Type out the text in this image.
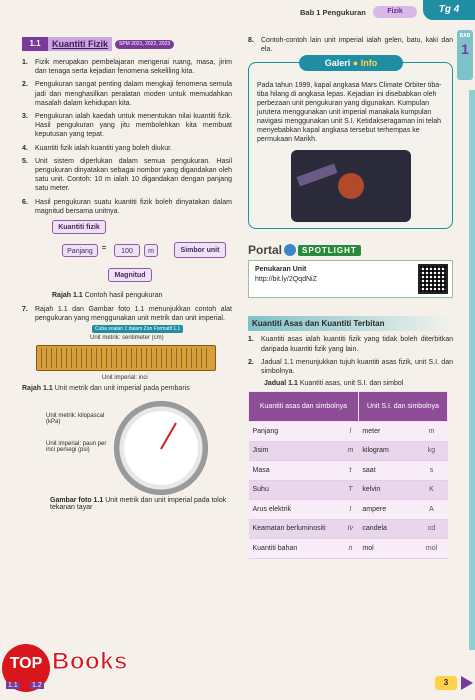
Bab 1 Pengukuran	Fizik	Tg 4
BAB
1
1.1	Kuantiti Fizik	SPM 2021, 2022, 2023
1. Fizik merupakan pembelajaran mengenai ruang, masa, jirim dan tenaga serta kejadian fenomena sekeliling kita.
2. Pengukuran sangat penting dalam mengkaji fenomena semula jadi dan menghasilkan peralatan moden untuk memudahkan masalah dalam kehidupan kita.
3. Pengukuran ialah kaedah untuk menentukan nilai kuantiti fizik. Hasil pengukuran yang jitu membolehkan kita membuat keputusan yang tepat.
4. Kuantiti fizik ialah kuantiti yang boleh diukur.
5. Unit sistem diperlukan dalam semua pengukuran. Hasil pengukuran dinyatakan sebagai nombor yang digandakan oleh satu unit. Contoh: 10 m ialah 10 digandakan dengan panjang satu meter.
6. Hasil pengukuran suatu kuantiti fizik boleh dinyatakan dalam magnitud bersama unitnya.
Kuantiti fizik
Panjang	=	100	m	Simbor unit
Magnitud
Rajah 1.1 Contoh hasil pengukuran
7. Rajah 1.1 dan Gambar foto 1.1 menunjukkan contoh alat pengukuran yang menggunakan unit metrik dan unit imperial.
Cuba soalan 1 dalam Zon Formatif 1.1
Unit metrik: sentimeter (cm)
Unit imperial: inci
Rajah 1.1 Unit metrik dan unit imperial pada pembaris
Unit metrik: kilopascal (kPa)
Unit imperial: paun per inci persegi (psi)
Gambar foto 1.1 Unit metrik dan unit imperial pada tolok tekanan tayar
TOP Books
1.1 1.2
8. Contoh-contoh lain unit imperial ialah gelen, batu, kaki dan ela.
Galeri ● Info
Pada tahun 1999, kapal angkasa Mars Climate Orbiter tiba-tiba hilang di angkasa lepas. Kejadian ini disebabkan oleh perbezaan unit pengukuran yang digunakan. Kumpulan jurutera menggunakan unit imperial manakala kumpulan navigasi menggunakan unit S.I. Ketidakseragaman ini telah menyebabkan kapal angkasa tersebut terhempas ke permukaan Marikh.
Portal	SPOTLIGHT
Penukaran Unit
http://bit.ly/2QqdNiZ
Kuantiti Asas dan Kuantiti Terbitan
1. Kuantiti asas ialah kuantiti fizik yang tidak boleh diterbitkan daripada kuantiti fizik yang lain.
2. Jadual 1.1 menunjukkan tujuh kuantiti asas fizik, unit S.I. dan simbolnya.
Jadual 1.1 Kuantiti asas, unit S.I. dan simbol
Kuantiti asas dan simbolnya		Unit S.I. dan simbolnya	
Panjang	l	meter	m
Jisim	m	kilogram	kg
Masa	t	saat	s
Suhu	T	kelvin	K
Arus elektrik	I	ampere	A
Keamatan berluminositi	Iv	candela	cd
Kuantiti bahan	n	mol	mol
3
